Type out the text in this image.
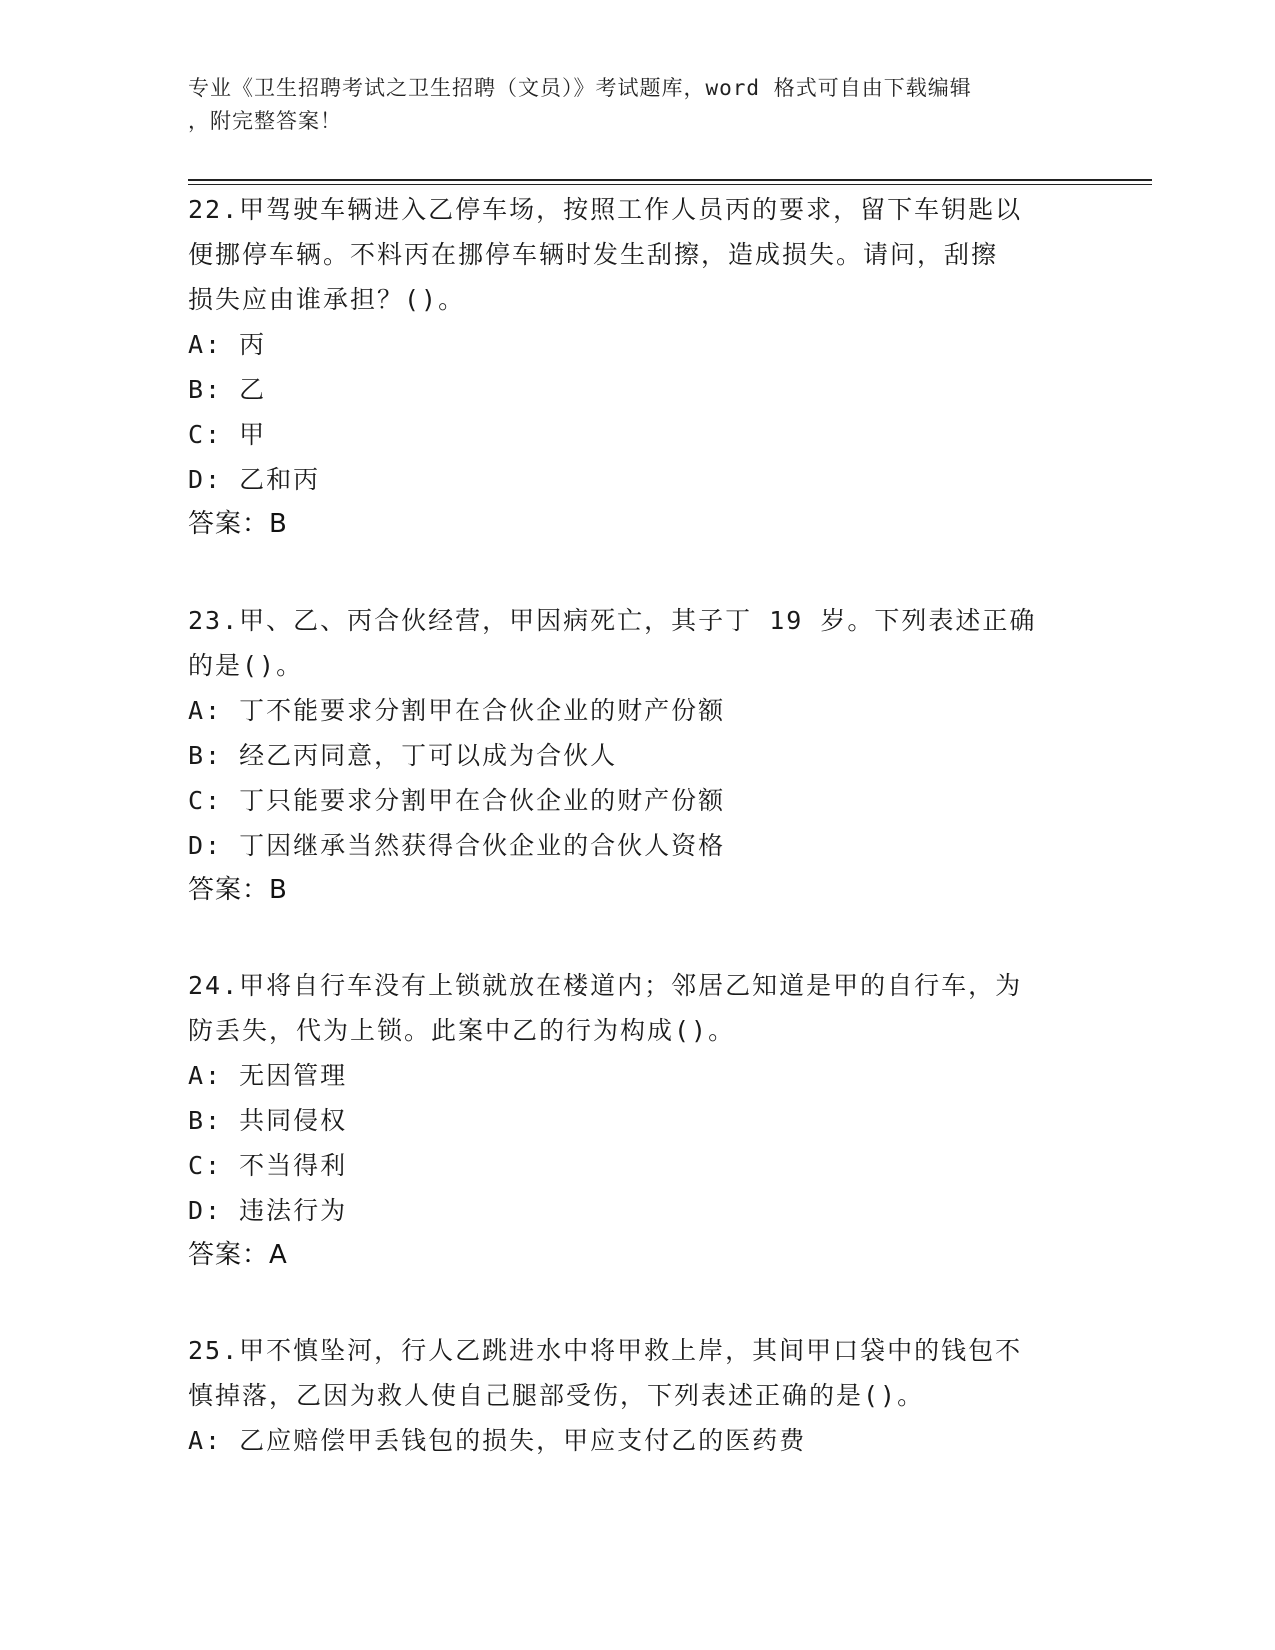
专业《卫生招聘考试之卫生招聘（文员）》考试题库，word 格式可自由下载编辑
，附完整答案！
22.甲驾驶车辆进入乙停车场，按照工作人员丙的要求，留下车钥匙以
便挪停车辆。不料丙在挪停车辆时发生刮擦，造成损失。请问，刮擦
损失应由谁承担？()。
A: 丙
B: 乙
C: 甲
D: 乙和丙
答案：B
23.甲、乙、丙合伙经营，甲因病死亡，其子丁 19 岁。下列表述正确
的是()。
A: 丁不能要求分割甲在合伙企业的财产份额
B: 经乙丙同意，丁可以成为合伙人
C: 丁只能要求分割甲在合伙企业的财产份额
D: 丁因继承当然获得合伙企业的合伙人资格
答案：B
24.甲将自行车没有上锁就放在楼道内；邻居乙知道是甲的自行车，为
防丢失，代为上锁。此案中乙的行为构成()。
A: 无因管理
B: 共同侵权
C: 不当得利
D: 违法行为
答案：A
25.甲不慎坠河，行人乙跳进水中将甲救上岸，其间甲口袋中的钱包不
慎掉落，乙因为救人使自己腿部受伤，下列表述正确的是()。
A: 乙应赔偿甲丢钱包的损失，甲应支付乙的医药费
